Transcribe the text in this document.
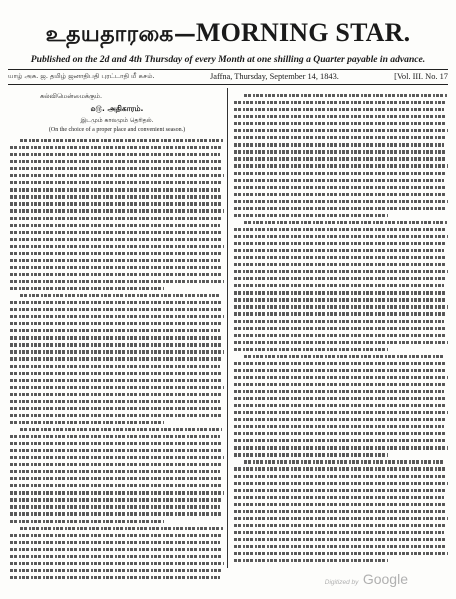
உதயதாரகை—MORNING STAR.
Published on the 2d and 4th Thursday of every Month at one shilling a Quarter payable in advance.
யாழ் அசு. ஜ. தமிழ் ஜனாதிபதி புரட்டாதி மீ ௧௪ம்.	Jaffna, Thursday, September 14, 1843.	[Vol. III. No. 17
கல்விமென்மைக்கும்.
௰௫. அதிகாரம்.
இடமும் காலமும் தெரிதல்.
(On the choice of a proper place and convenient season.)
Digitized by Google
